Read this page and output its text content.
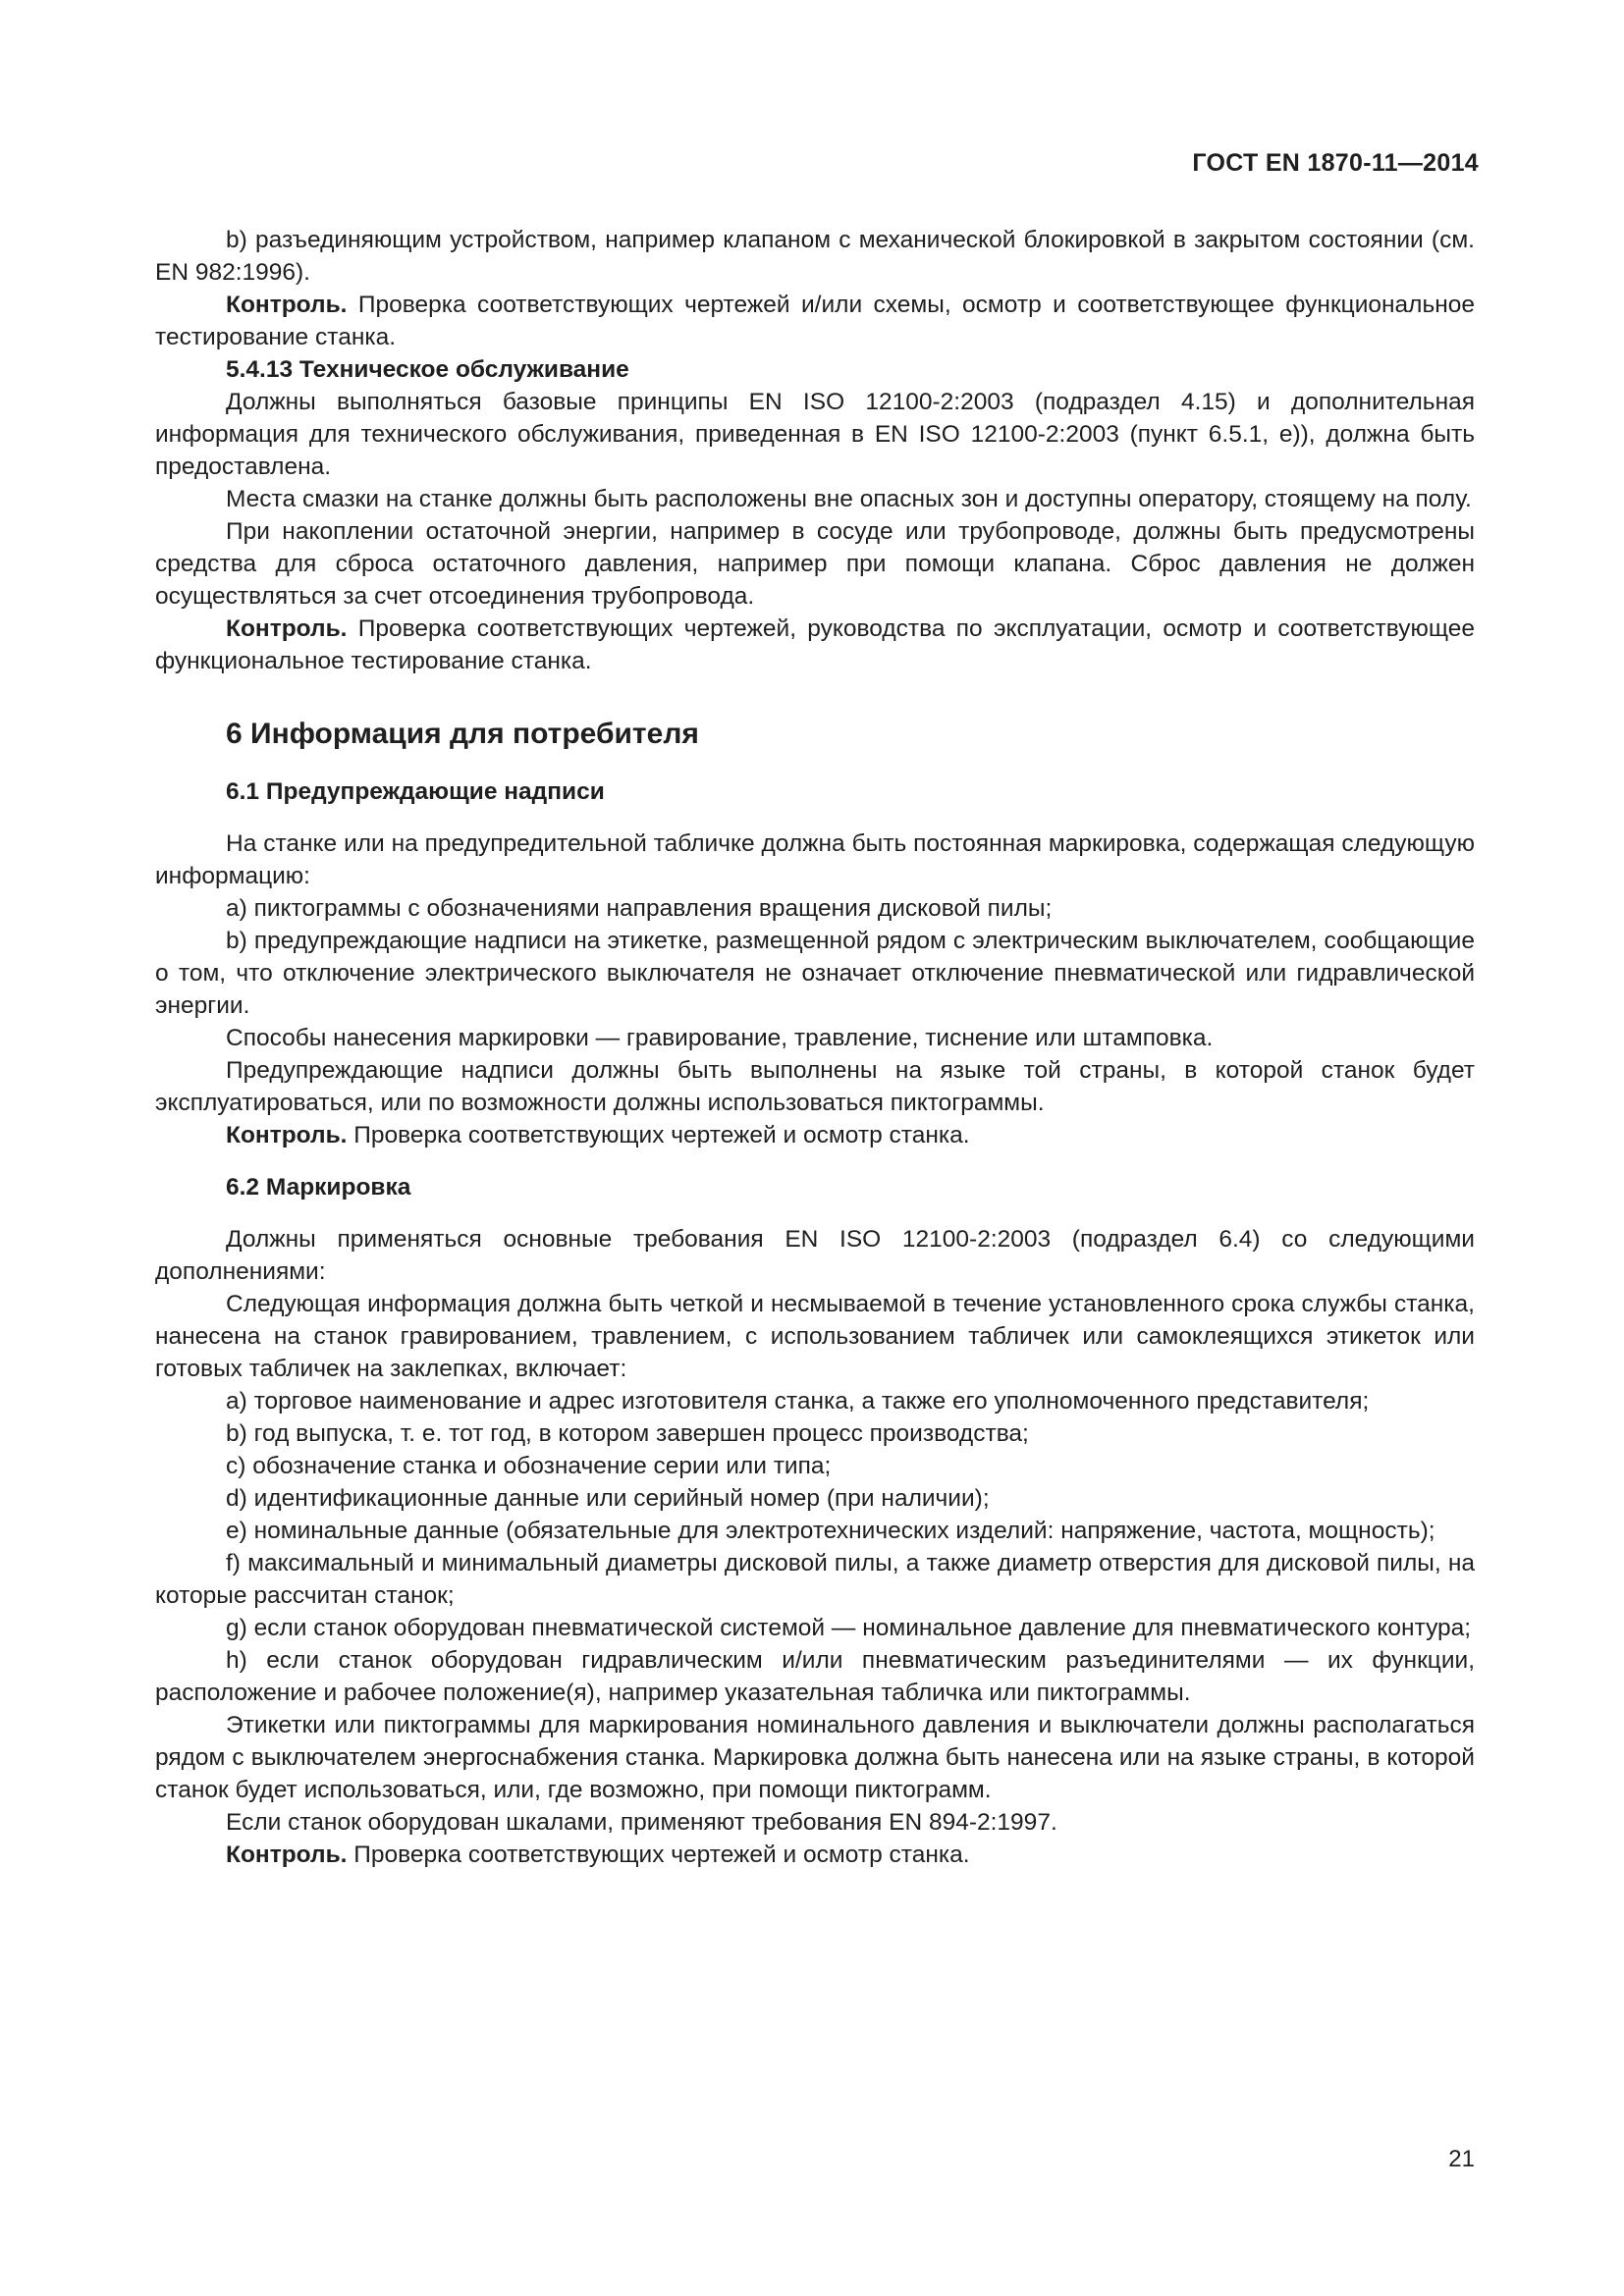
ГОСТ EN 1870-11—2014

b) разъединяющим устройством, например клапаном с механической блокировкой в закрытом состоянии (см. EN 982:1996).

Контроль. Проверка соответствующих чертежей и/или схемы, осмотр и соответствующее функциональное тестирование станка.

5.4.13 Техническое обслуживание

Должны выполняться базовые принципы EN ISO 12100-2:2003 (подраздел 4.15) и дополнительная информация для технического обслуживания, приведенная в EN ISO 12100-2:2003 (пункт 6.5.1, е)), должна быть предоставлена.

Места смазки на станке должны быть расположены вне опасных зон и доступны оператору, стоящему на полу.

При накоплении остаточной энергии, например в сосуде или трубопроводе, должны быть предусмотрены средства для сброса остаточного давления, например при помощи клапана. Сброс давления не должен осуществляться за счет отсоединения трубопровода.

Контроль. Проверка соответствующих чертежей, руководства по эксплуатации, осмотр и соответствующее функциональное тестирование станка.

6 Информация для потребителя
6.1 Предупреждающие надписи

На станке или на предупредительной табличке должна быть постоянная маркировка, содержащая следующую информацию:

а) пиктограммы с обозначениями направления вращения дисковой пилы;

b) предупреждающие надписи на этикетке, размещенной рядом с электрическим выключателем, сообщающие о том, что отключение электрического выключателя не означает отключение пневматической или гидравлической энергии.

Способы нанесения маркировки — гравирование, травление, тиснение или штамповка.

Предупреждающие надписи должны быть выполнены на языке той страны, в которой станок будет эксплуатироваться, или по возможности должны использоваться пиктограммы.

Контроль. Проверка соответствующих чертежей и осмотр станка.

6.2 Маркировка

Должны применяться основные требования EN ISO 12100-2:2003 (подраздел 6.4) со следующими дополнениями:

Следующая информация должна быть четкой и несмываемой в течение установленного срока службы станка, нанесена на станок гравированием, травлением, с использованием табличек или самоклеящихся этикеток или готовых табличек на заклепках, включает:

а) торговое наименование и адрес изготовителя станка, а также его уполномоченного представителя;

b) год выпуска, т. е. тот год, в котором завершен процесс производства;

c) обозначение станка и обозначение серии или типа;

d) идентификационные данные или серийный номер (при наличии);

e) номинальные данные (обязательные для электротехнических изделий: напряжение, частота, мощность);

f) максимальный и минимальный диаметры дисковой пилы, а также диаметр отверстия для дисковой пилы, на которые рассчитан станок;

g) если станок оборудован пневматической системой — номинальное давление для пневматического контура;

h) если станок оборудован гидравлическим и/или пневматическим разъединителями — их функции, расположение и рабочее положение(я), например указательная табличка или пиктограммы.

Этикетки или пиктограммы для маркирования номинального давления и выключатели должны располагаться рядом с выключателем энергоснабжения станка. Маркировка должна быть нанесена или на языке страны, в которой станок будет использоваться, или, где возможно, при помощи пиктограмм.

Если станок оборудован шкалами, применяют требования EN 894-2:1997.

Контроль. Проверка соответствующих чертежей и осмотр станка.

21
